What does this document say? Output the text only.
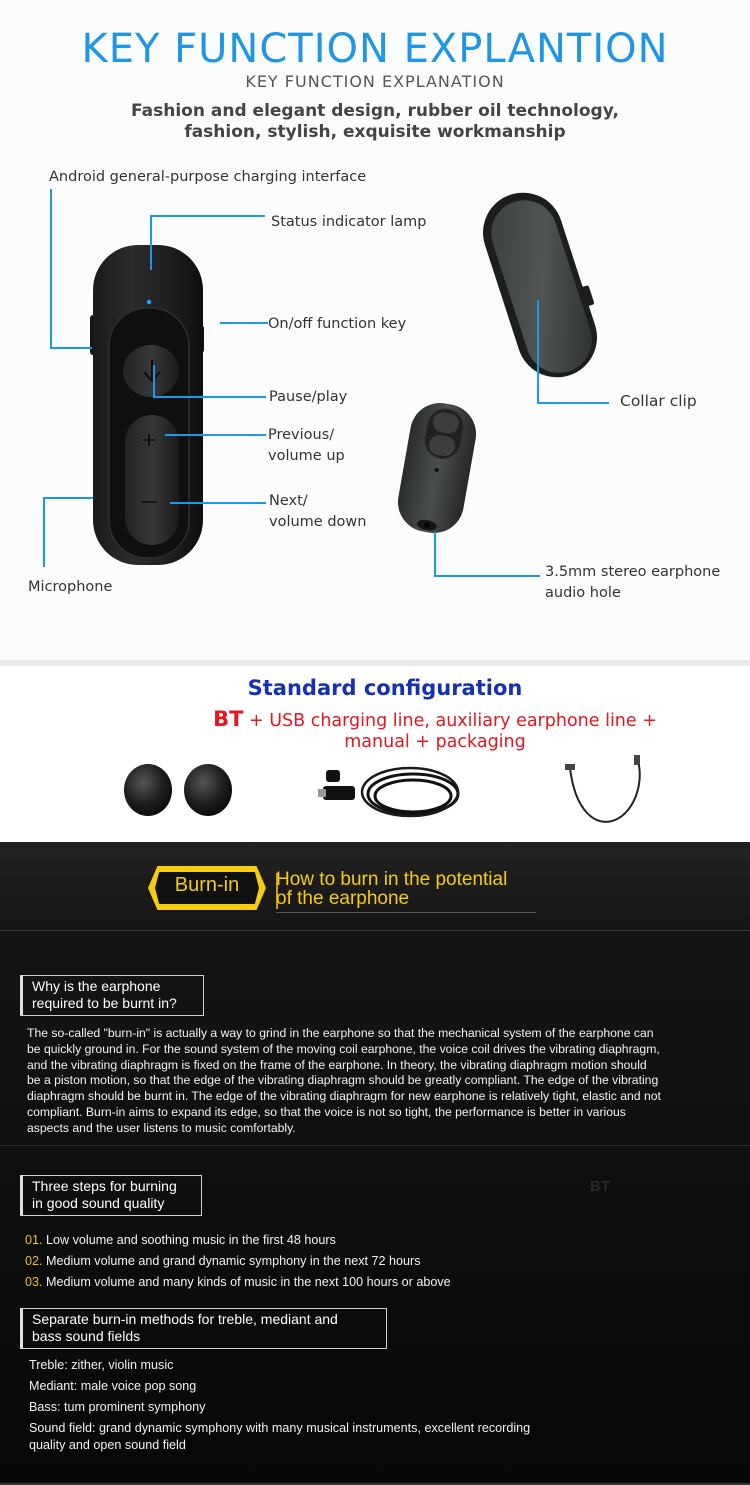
KEY FUNCTION EXPLANTION
KEY FUNCTION EXPLANATION
Fashion and elegant design, rubber oil technology,
fashion, stylish, exquisite workmanship
Android general-purpose charging interface
Status indicator lamp
On/off function key
Pause/play
Previous/
volume up
Next/
volume down
Microphone
Collar clip
3.5mm stereo earphone
audio hole
Standard configuration
BT + USB charging line, auxiliary earphone line +
manual + packaging
Burn-in	How to burn in the potential
of the earphone
Why is the earphone
required to be burnt in?
The so-called "burn-in" is actually a way to grind in the earphone so that the mechanical system of the earphone can
be quickly ground in. For the sound system of the moving coil earphone, the voice coil drives the vibrating diaphragm,
and the vibrating diaphragm is fixed on the frame of the earphone. In theory, the vibrating diaphragm motion should
be a piston motion, so that the edge of the vibrating diaphragm should be greatly compliant. The edge of the vibrating
diaphragm should be burnt in. The edge of the vibrating diaphragm for new earphone is relatively tight, elastic and not
compliant. Burn-in aims to expand its edge, so that the voice is not so tight, the performance is better in various
aspects and the user listens to music comfortably.
Three steps for burning
in good sound quality
BT
01. Low volume and soothing music in the first 48 hours
02. Medium volume and grand dynamic symphony in the next 72 hours
03. Medium volume and many kinds of music in the next 100 hours or above
Separate burn-in methods for treble, mediant and
bass sound fields
Treble: zither, violin music
Mediant: male voice pop song
Bass: tum prominent symphony
Sound field: grand dynamic symphony with many musical instruments, excellent recording
quality and open sound field
